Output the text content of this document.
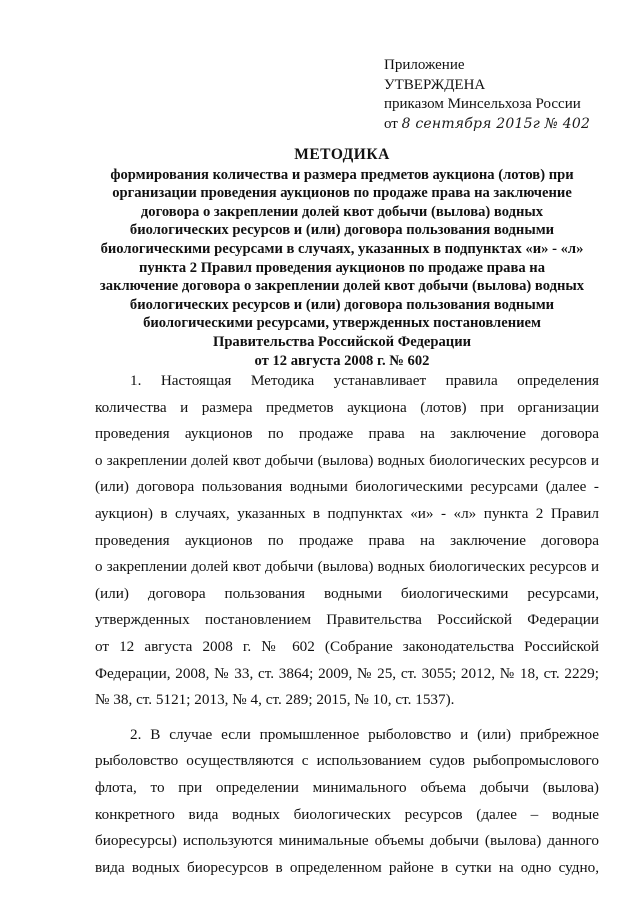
Приложение
УТВЕРЖДЕНА
приказом Минсельхоза России
от 8 сентября 2015г № 402
МЕТОДИКА
формирования количества и размера предметов аукциона (лотов) при
организации проведения аукционов по продаже права на заключение
договора о закреплении долей квот добычи (вылова) водных
биологических ресурсов и (или) договора пользования водными
биологическими ресурсами в случаях, указанных в подпунктах «и» - «л»
пункта 2 Правил проведения аукционов по продаже права на
заключение договора о закреплении долей квот добычи (вылова) водных
биологических ресурсов и (или) договора пользования водными
биологическими ресурсами, утвержденных постановлением
Правительства Российской Федерации
от 12 августа 2008 г. № 602
1. Настоящая Методика устанавливает правила определения
количества и размера предметов аукциона (лотов) при организации
проведения аукционов по продаже права на заключение договора
о закреплении долей квот добычи (вылова) водных биологических ресурсов и
(или) договора пользования водными биологическими ресурсами (далее -
аукцион) в случаях, указанных в подпунктах «и» - «л» пункта 2 Правил
проведения аукционов по продаже права на заключение договора
о закреплении долей квот добычи (вылова) водных биологических ресурсов и
(или) договора пользования водными биологическими ресурсами,
утвержденных постановлением Правительства Российской Федерации
от 12 августа 2008 г. № 602 (Собрание законодательства Российской
Федерации, 2008, № 33, ст. 3864; 2009, № 25, ст. 3055; 2012, № 18, ст. 2229;
№ 38, ст. 5121; 2013, № 4, ст. 289; 2015, № 10, ст. 1537).
2. В случае если промышленное рыболовство и (или) прибрежное
рыболовство осуществляются с использованием судов рыбопромыслового
флота, то при определении минимального объема добычи (вылова)
конкретного вида водных биологических ресурсов (далее – водные
биоресурсы) используются минимальные объемы добычи (вылова) данного
вида водных биоресурсов в определенном районе в сутки на одно судно,
